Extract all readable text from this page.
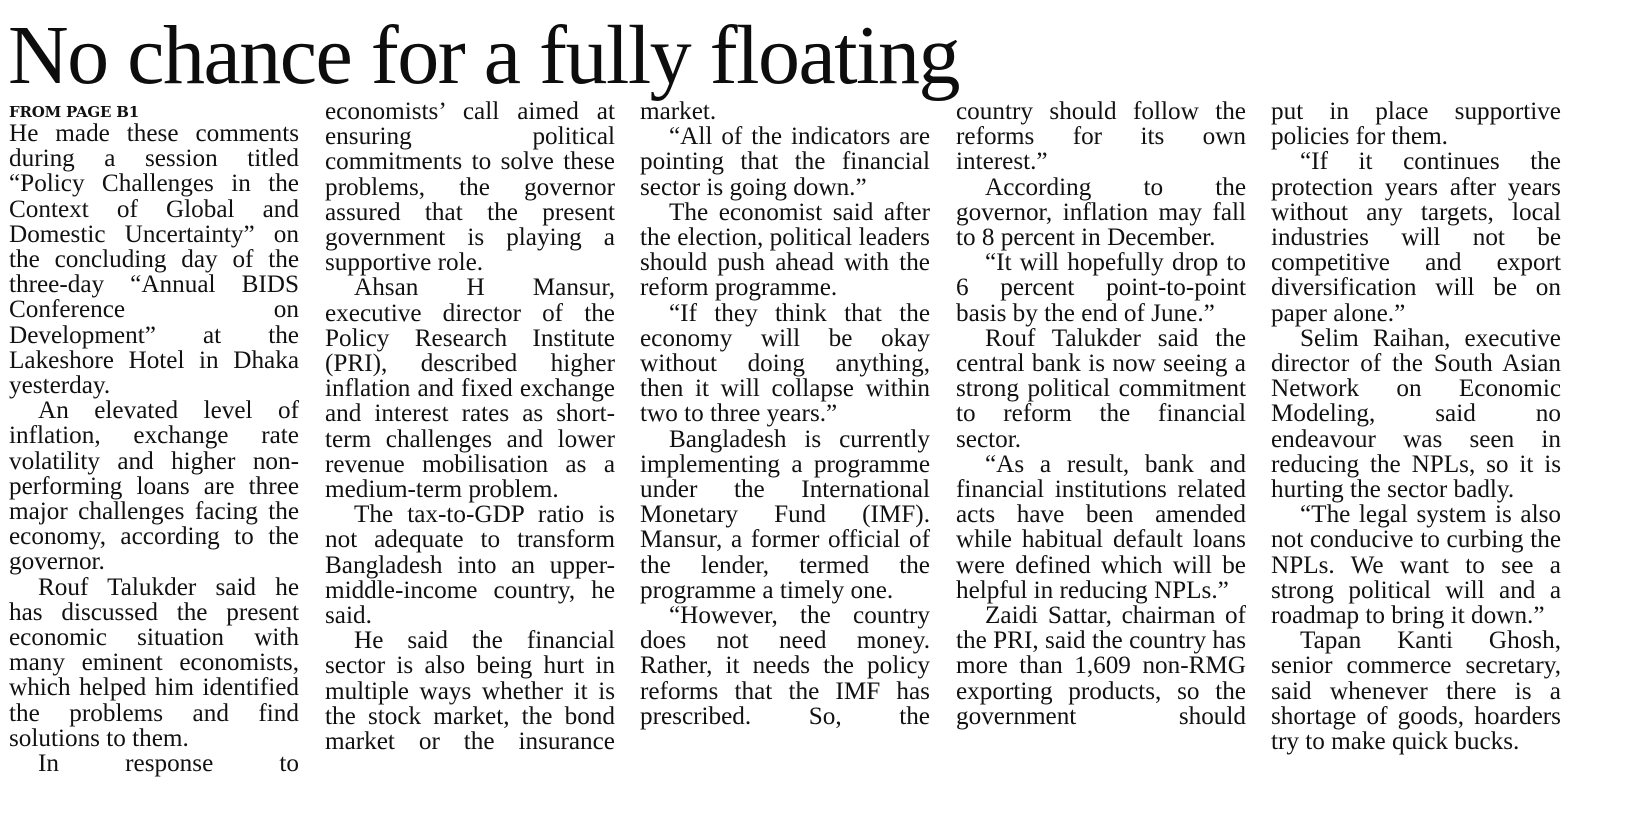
No chance for a fully floating
FROM PAGE B1

He made these comments during a session titled “Policy Challenges in the Context of Global and Domestic Uncertainty” on the concluding day of the three-day “Annual BIDS Conference on Development” at the Lakeshore Hotel in Dhaka yesterday.

An elevated level of inflation, exchange rate volatility and higher non-performing loans are three major challenges facing the economy, according to the governor.

Rouf Talukder said he has discussed the present economic situation with many eminent economists, which helped him identified the problems and find solutions to them.

In response to

economists’ call aimed at ensuring political commitments to solve these problems, the governor assured that the present government is playing a supportive role.

Ahsan H Mansur, executive director of the Policy Research Institute (PRI), described higher inflation and fixed exchange and interest rates as short-term challenges and lower revenue mobilisation as a medium-term problem.

The tax-to-GDP ratio is not adequate to transform Bangladesh into an upper-middle-income country, he said.

He said the financial sector is also being hurt in multiple ways whether it is the stock market, the bond market or the insurance

market.

“All of the indicators are pointing that the financial sector is going down.”

The economist said after the election, political leaders should push ahead with the reform programme.

“If they think that the economy will be okay without doing anything, then it will collapse within two to three years.”

Bangladesh is currently implementing a programme under the International Monetary Fund (IMF). Mansur, a former official of the lender, termed the programme a timely one.

“However, the country does not need money. Rather, it needs the policy reforms that the IMF has prescribed. So, the

country should follow the reforms for its own interest.”

According to the governor, inflation may fall to 8 percent in December.

“It will hopefully drop to 6 percent point-to-point basis by the end of June.”

Rouf Talukder said the central bank is now seeing a strong political commitment to reform the financial sector.

“As a result, bank and financial institutions related acts have been amended while habitual default loans were defined which will be helpful in reducing NPLs.”

Zaidi Sattar, chairman of the PRI, said the country has more than 1,609 non-RMG exporting products, so the government should

put in place supportive policies for them.

“If it continues the protection years after years without any targets, local industries will not be competitive and export diversification will be on paper alone.”

Selim Raihan, executive director of the South Asian Network on Economic Modeling, said no endeavour was seen in reducing the NPLs, so it is hurting the sector badly.

“The legal system is also not conducive to curbing the NPLs. We want to see a strong political will and a roadmap to bring it down.”

Tapan Kanti Ghosh, senior commerce secretary, said whenever there is a shortage of goods, hoarders try to make quick bucks.
